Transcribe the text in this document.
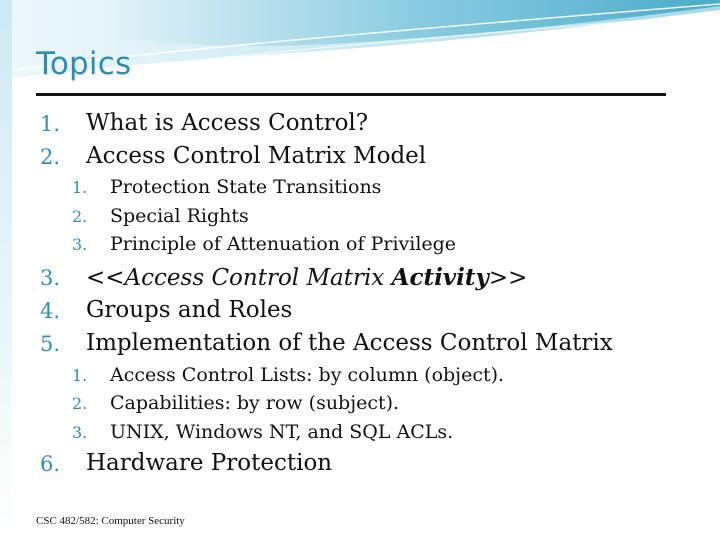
Topics
1. What is Access Control?
2. Access Control Matrix Model
1. Protection State Transitions
2. Special Rights
3. Principle of Attenuation of Privilege
3. <<Access Control Matrix Activity>>
4. Groups and Roles
5. Implementation of the Access Control Matrix
1. Access Control Lists: by column (object).
2. Capabilities: by row (subject).
3. UNIX, Windows NT, and SQL ACLs.
6. Hardware Protection
CSC 482/582: Computer Security
